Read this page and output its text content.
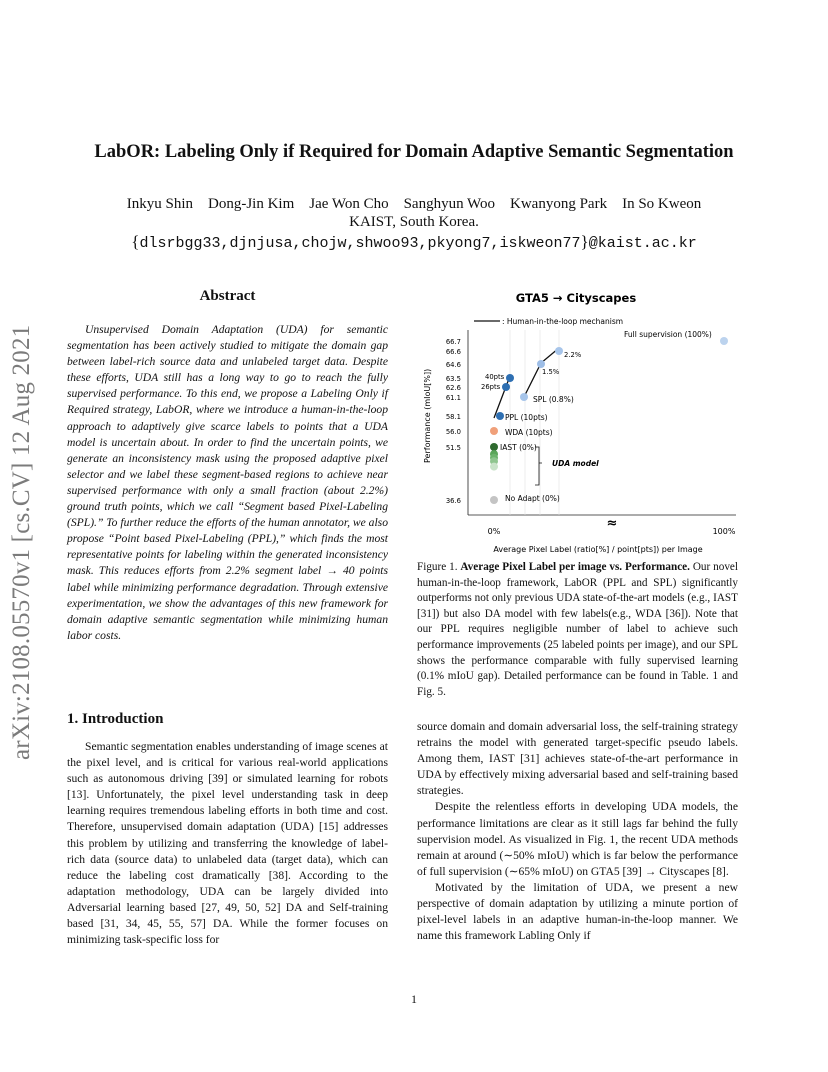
LabOR: Labeling Only if Required for Domain Adaptive Semantic Segmentation
Inkyu Shin    Dong-Jin Kim    Jae Won Cho    Sanghyun Woo    Kwanyong Park    In So Kweon
KAIST, South Korea.
{dlsrbgg33,djnjusa,chojw,shwoo93,pkyong7,iskweon77}@kaist.ac.kr
arXiv:2108.05570v1 [cs.CV] 12 Aug 2021
Abstract

Unsupervised Domain Adaptation (UDA) for semantic segmentation has been actively studied to mitigate the domain gap between label-rich source data and unlabeled target data. Despite these efforts, UDA still has a long way to go to reach the fully supervised performance. To this end, we propose a Labeling Only if Required strategy, LabOR, where we introduce a human-in-the-loop approach to adaptively give scarce labels to points that a UDA model is uncertain about. In order to find the uncertain points, we generate an inconsistency mask using the proposed adaptive pixel selector and we label these segment-based regions to achieve near supervised performance with only a small fraction (about 2.2%) ground truth points, which we call “Segment based Pixel-Labeling (SPL).” To further reduce the efforts of the human annotator, we also propose “Point based Pixel-Labeling (PPL),” which finds the most representative points for labeling within the generated inconsistency mask. This reduces efforts from 2.2% segment label → 40 points label while minimizing performance degradation. Through extensive experimentation, we show the advantages of this new framework for domain adaptive semantic segmentation while minimizing human labor costs.

1. Introduction

Semantic segmentation enables understanding of image scenes at the pixel level, and is critical for various real-world applications such as autonomous driving [39] or simulated learning for robots [13]. Unfortunately, the pixel level understanding task in deep learning requires tremendous labeling efforts in both time and cost. Therefore, unsupervised domain adaptation (UDA) [15] addresses this problem by utilizing and transferring the knowledge of label-rich data (source data) to unlabeled data (target data), which can reduce the labeling cost dramatically [38]. According to the adaptation methodology, UDA can be largely divided into Adversarial learning based [27, 49, 50, 52] DA and Self-training based [31, 34, 45, 55, 57] DA. While the former focuses on minimizing task-specific loss for

GTA5 → Cityscapes
: Human-in-the-loop mechanism
Performance (mIoU[%])
66.7
66.6
64.6
63.5
62.6
61.1
58.1
56.0
51.5
36.6
0%	100%
≈
Average Pixel Label (ratio[%] / point[pts]) per Image
UDA model
Full supervision (100%)
2.2%
1.5%
SPL (0.8%)
40pts
26pts
PPL (10pts)
WDA (10pts)
IAST (0%)
No Adapt (0%)
Figure 1. Average Pixel Label per image vs. Performance. Our novel human-in-the-loop framework, LabOR (PPL and SPL) significantly outperforms not only previous UDA state-of-the-art models (e.g., IAST [31]) but also DA model with few labels(e.g., WDA [36]). Note that our PPL requires negligible number of label to achieve such performance improvements (25 labeled points per image), and our SPL shows the performance comparable with fully supervised learning (0.1% mIoU gap). Detailed performance can be found in Table. 1 and Fig. 5.

source domain and domain adversarial loss, the self-training strategy retrains the model with generated target-specific pseudo labels. Among them, IAST [31] achieves state-of-the-art performance in UDA by effectively mixing adversarial based and self-training based strategies.

Despite the relentless efforts in developing UDA models, the performance limitations are clear as it still lags far behind the fully supervision model. As visualized in Fig. 1, the recent UDA methods remain at around (∼50% mIoU) which is far below the performance of full supervision (∼65% mIoU) on GTA5 [39] → Cityscapes [8].

Motivated by the limitation of UDA, we present a new perspective of domain adaptation by utilizing a minute portion of pixel-level labels in an adaptive human-in-the-loop manner. We name this framework Labling Only if

1
